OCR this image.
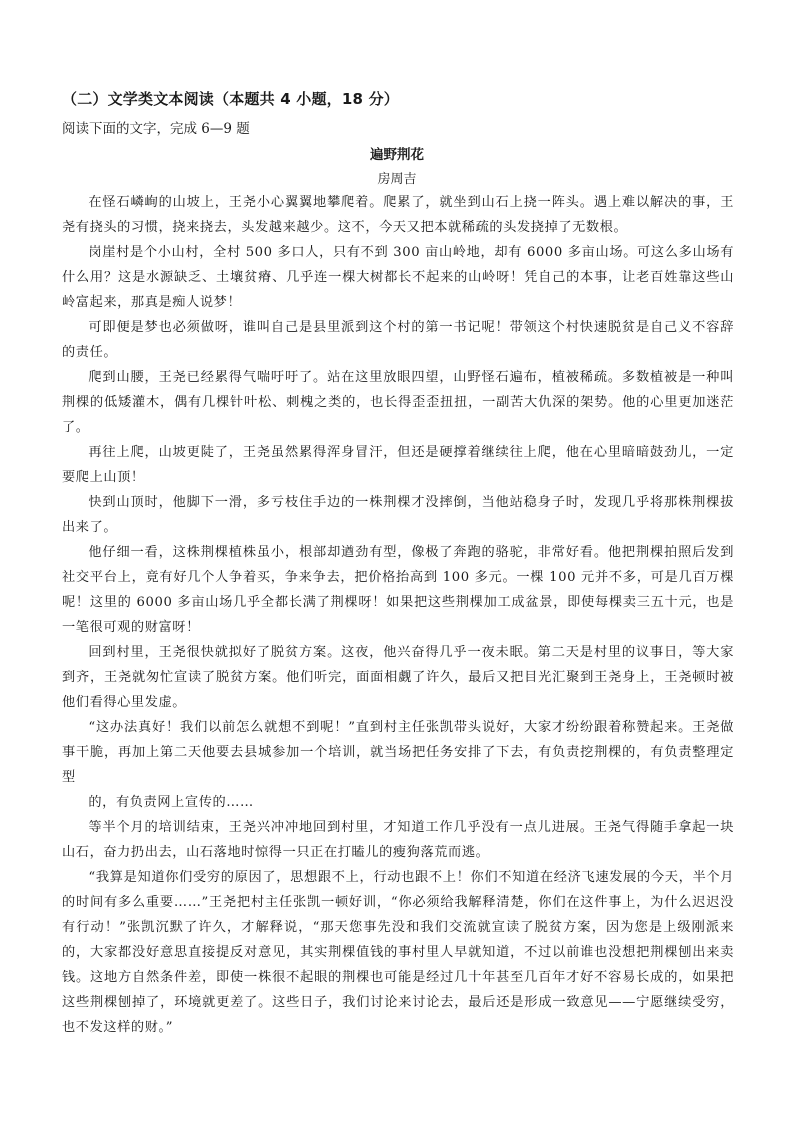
（二）文学类文本阅读（本题共 4 小题，18 分）
阅读下面的文字，完成 6—9 题
遍野荆花
房周吉

在怪石嶙峋的山坡上，王尧小心翼翼地攀爬着。爬累了，就坐到山石上挠一阵头。遇上难以解决的事，王尧有挠头的习惯，挠来挠去，头发越来越少。这不，今天又把本就稀疏的头发挠掉了无数根。

岗崖村是个小山村，全村 500 多口人，只有不到 300 亩山岭地，却有 6000 多亩山场。可这么多山场有什么用？这是水源缺乏、土壤贫瘠、几乎连一棵大树都长不起来的山岭呀！凭自己的本事，让老百姓靠这些山岭富起来，那真是痴人说梦！

可即便是梦也必须做呀，谁叫自己是县里派到这个村的第一书记呢！带领这个村快速脱贫是自己义不容辞的责任。

爬到山腰，王尧已经累得气喘吁吁了。站在这里放眼四望，山野怪石遍布，植被稀疏。多数植被是一种叫荆棵的低矮灌木，偶有几棵针叶松、刺槐之类的，也长得歪歪扭扭，一副苦大仇深的架势。他的心里更加迷茫了。

再往上爬，山坡更陡了，王尧虽然累得浑身冒汗，但还是硬撑着继续往上爬，他在心里暗暗鼓劲儿，一定要爬上山顶！

快到山顶时，他脚下一滑，多亏枝住手边的一株荆棵才没摔倒，当他站稳身子时，发现几乎将那株荆棵拔出来了。

他仔细一看，这株荆棵植株虽小，根部却遒劲有型，像极了奔跑的骆驼，非常好看。他把荆棵拍照后发到社交平台上，竟有好几个人争着买，争来争去，把价格抬高到 100 多元。一棵 100 元并不多，可是几百万棵呢！这里的 6000 多亩山场几乎全都长满了荆棵呀！如果把这些荆棵加工成盆景，即使每棵卖三五十元，也是一笔很可观的财富呀！

回到村里，王尧很快就拟好了脱贫方案。这夜，他兴奋得几乎一夜未眠。第二天是村里的议事日，等大家到齐，王尧就匆忙宣读了脱贫方案。他们听完，面面相觑了许久，最后又把目光汇聚到王尧身上，王尧顿时被他们看得心里发虚。

“这办法真好！我们以前怎么就想不到呢！”直到村主任张凯带头说好，大家才纷纷跟着称赞起来。王尧做事干脆，再加上第二天他要去县城参加一个培训，就当场把任务安排了下去，有负责挖荆棵的，有负责整理定型

的，有负责网上宣传的……

等半个月的培训结束，王尧兴冲冲地回到村里，才知道工作几乎没有一点儿进展。王尧气得随手拿起一块山石，奋力扔出去，山石落地时惊得一只正在打瞌儿的瘦狗落荒而逃。

“我算是知道你们受穷的原因了，思想跟不上，行动也跟不上！你们不知道在经济飞速发展的今天，半个月的时间有多么重要……”王尧把村主任张凯一顿好训，“你必须给我解释清楚，你们在这件事上，为什么迟迟没有行动！”张凯沉默了许久，才解释说，“那天您事先没和我们交流就宣读了脱贫方案，因为您是上级刚派来的，大家都没好意思直接提反对意见，其实荆棵值钱的事村里人早就知道，不过以前谁也没想把荆棵刨出来卖钱。这地方自然条件差，即使一株很不起眼的荆棵也可能是经过几十年甚至几百年才好不容易长成的，如果把这些荆棵刨掉了，环境就更差了。这些日子，我们讨论来讨论去，最后还是形成一致意见——宁愿继续受穷，也不发这样的财。”
